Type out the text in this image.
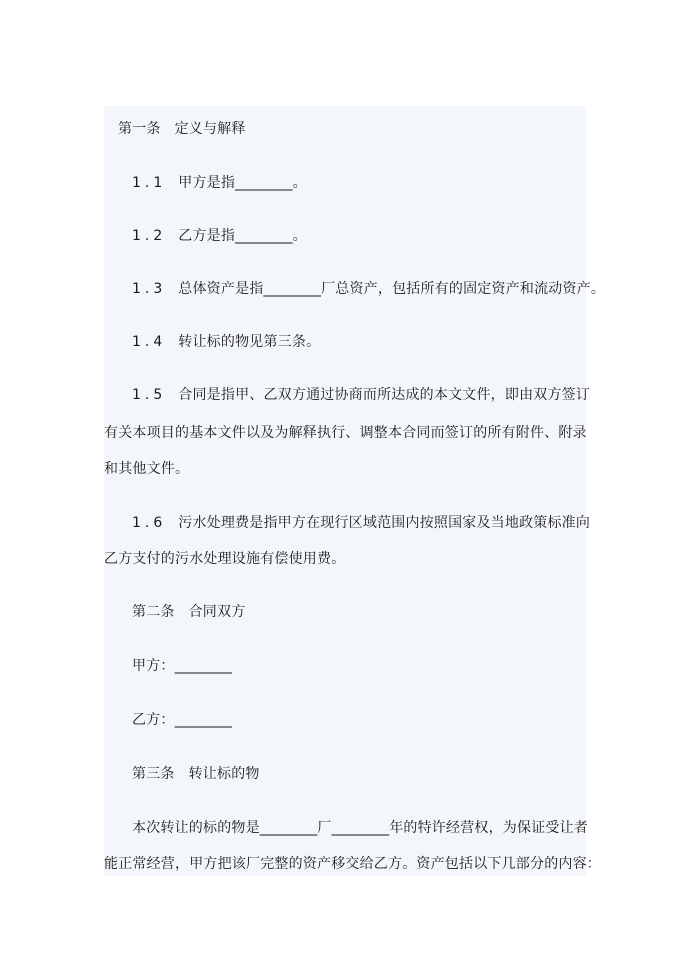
第一条 定义与解释
1.1 甲方是指________。
1.2 乙方是指________。
1.3 总体资产是指________厂总资产，包括所有的固定资产和流动资产。
1.4 转让标的物见第三条。
1.5 合同是指甲、乙双方通过协商而所达成的本文文件，即由双方签订
有关本项目的基本文件以及为解释执行、调整本合同而签订的所有附件、附录
和其他文件。
1.6 污水处理费是指甲方在现行区域范围内按照国家及当地政策标准向
乙方支付的污水处理设施有偿使用费。
第二条 合同双方
甲方：________
乙方：________
第三条 转让标的物
本次转让的标的物是________厂________年的特许经营权，为保证受让者
能正常经营，甲方把该厂完整的资产移交给乙方。资产包括以下几部分的内容：
